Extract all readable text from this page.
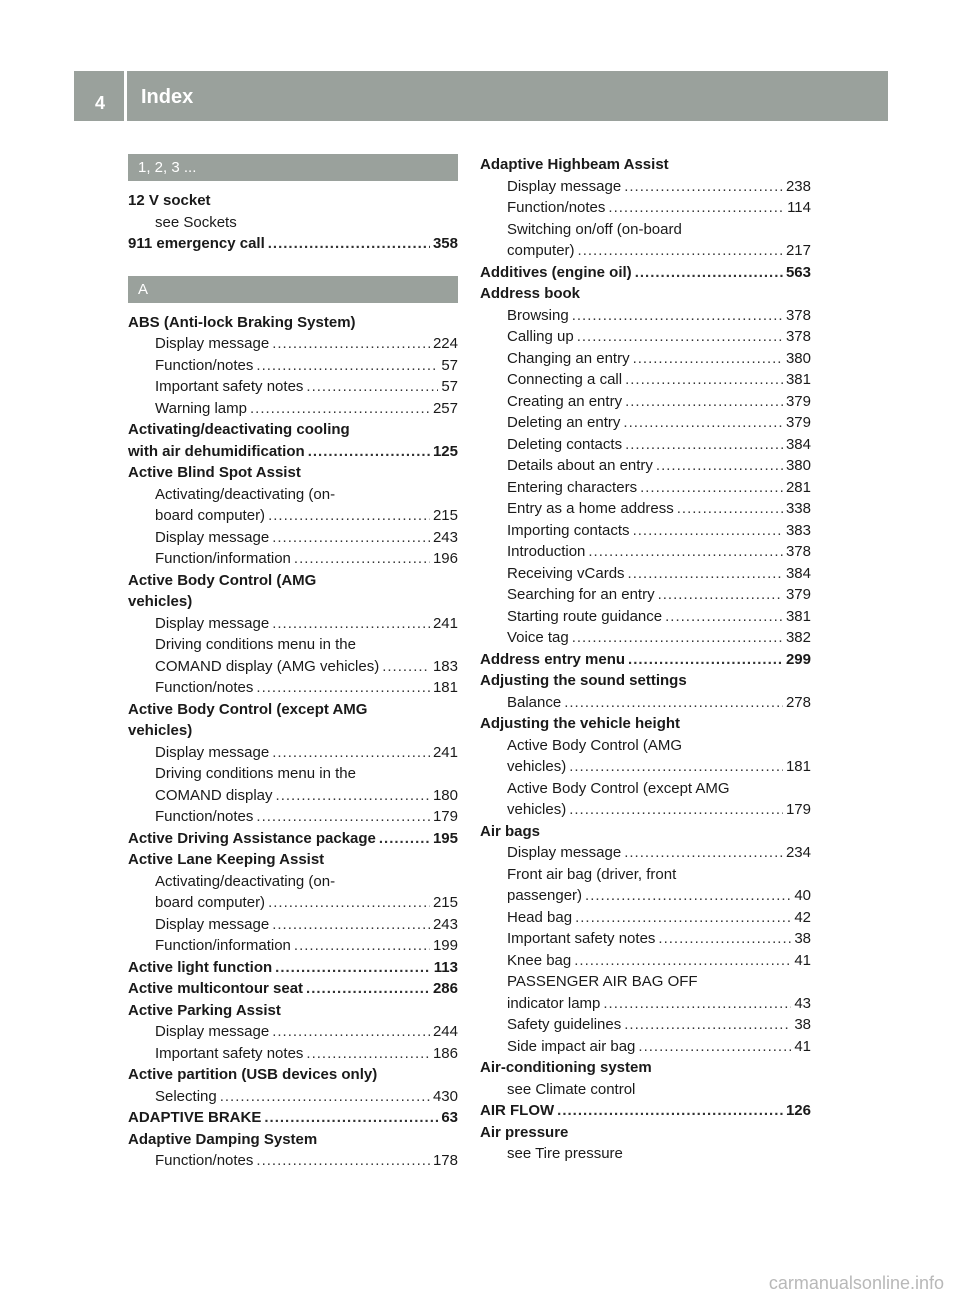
4	Index
1, 2, 3 ...
12 V socket
see Sockets
911 emergency call .....	358
A
ABS (Anti-lock Braking System)
Display message .....	224
Function/notes .....	57
Important safety notes .....	57
Warning lamp .....	257
Activating/deactivating cooling
with air dehumidification .....	125
Active Blind Spot Assist
Activating/deactivating (on-
board computer) .....	215
Display message .....	243
Function/information .....	196
Active Body Control (AMG
vehicles)
Display message .....	241
Driving conditions menu in the
COMAND display (AMG vehicles) .....	183
Function/notes .....	181
Active Body Control (except AMG
vehicles)
Display message .....	241
Driving conditions menu in the
COMAND display .....	180
Function/notes .....	179
Active Driving Assistance package .....	195
Active Lane Keeping Assist
Activating/deactivating (on-
board computer) .....	215
Display message .....	243
Function/information .....	199
Active light function .....	113
Active multicontour seat .....	286
Active Parking Assist
Display message .....	244
Important safety notes .....	186
Active partition (USB devices only)
Selecting .....	430
ADAPTIVE BRAKE .....	63
Adaptive Damping System
Function/notes .....	178
Adaptive Highbeam Assist
Display message .....	238
Function/notes .....	114
Switching on/off (on-board
computer) .....	217
Additives (engine oil) .....	563
Address book
Browsing .....	378
Calling up .....	378
Changing an entry .....	380
Connecting a call .....	381
Creating an entry .....	379
Deleting an entry .....	379
Deleting contacts .....	384
Details about an entry .....	380
Entering characters .....	281
Entry as a home address .....	338
Importing contacts .....	383
Introduction .....	378
Receiving vCards .....	384
Searching for an entry .....	379
Starting route guidance .....	381
Voice tag .....	382
Address entry menu .....	299
Adjusting the sound settings
Balance .....	278
Adjusting the vehicle height
Active Body Control (AMG
vehicles) .....	181
Active Body Control (except AMG
vehicles) .....	179
Air bags
Display message .....	234
Front air bag (driver, front
passenger) .....	40
Head bag .....	42
Important safety notes .....	38
Knee bag .....	41
PASSENGER AIR BAG OFF
indicator lamp .....	43
Safety guidelines .....	38
Side impact air bag .....	41
Air-conditioning system
see Climate control
AIR FLOW .....	126
Air pressure
see Tire pressure
carmanualsonline.info
